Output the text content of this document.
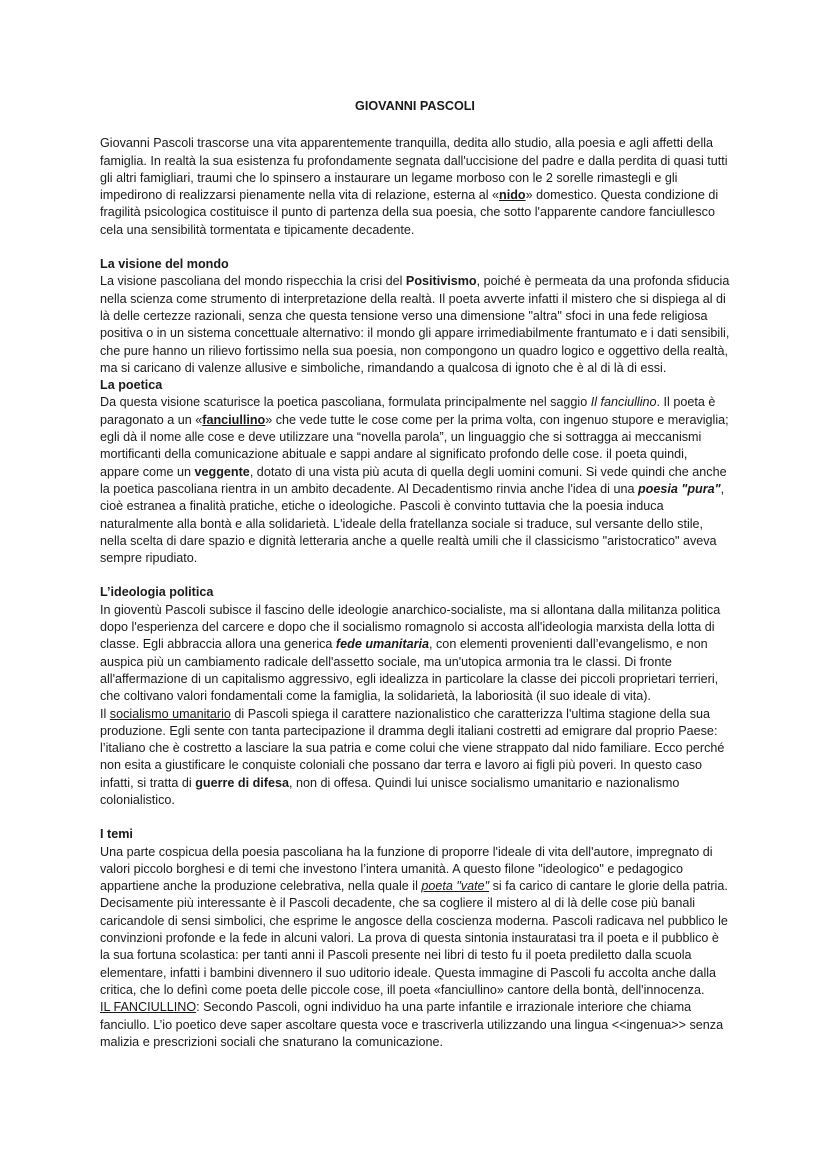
GIOVANNI PASCOLI

Giovanni Pascoli trascorse una vita apparentemente tranquilla, dedita allo studio, alla poesia e agli affetti della famiglia. In realtà la sua esistenza fu profondamente segnata dall'uccisione del padre e dalla perdita di quasi tutti gli altri famigliari, traumi che lo spinsero a instaurare un legame morboso con le 2 sorelle rimastegli e gli impedirono di realizzarsi pienamente nella vita di relazione, esterna al «nido» domestico. Questa condizione di fragilità psicologica costituisce il punto di partenza della sua poesia, che sotto l'apparente candore fanciullesco cela una sensibilità tormentata e tipicamente decadente.

La visione del mondo

La visione pascoliana del mondo rispecchia la crisi del Positivismo, poiché è permeata da una profonda sfiducia nella scienza come strumento di interpretazione della realtà. Il poeta avverte infatti il mistero che si dispiega al di là delle certezze razionali, senza che questa tensione verso una dimensione "altra" sfoci in una fede religiosa positiva o in un sistema concettuale alternativo: il mondo gli appare irrimediabilmente frantumato e i dati sensibili, che pure hanno un rilievo fortissimo nella sua poesia, non compongono un quadro logico e oggettivo della realtà, ma si caricano di valenze allusive e simboliche, rimandando a qualcosa di ignoto che è al di là di essi.

La poetica

Da questa visione scaturisce la poetica pascoliana, formulata principalmente nel saggio Il fanciullino. Il poeta è paragonato a un «fanciullino» che vede tutte le cose come per la prima volta, con ingenuo stupore e meraviglia; egli dà il nome alle cose e deve utilizzare una “novella parola”, un linguaggio che si sottragga ai meccanismi mortificanti della comunicazione abituale e sappi andare al significato profondo delle cose. il poeta quindi, appare come un veggente, dotato di una vista più acuta di quella degli uomini comuni. Si vede quindi che anche la poetica pascoliana rientra in un ambito decadente. Al Decadentismo rinvia anche l'idea di una poesia "pura", cioè estranea a finalità pratiche, etiche o ideologiche. Pascoli è convinto tuttavia che la poesia induca naturalmente alla bontà e alla solidarietà. L'ideale della fratellanza sociale si traduce, sul versante dello stile, nella scelta di dare spazio e dignità letteraria anche a quelle realtà umili che il classicismo "aristocratico" aveva sempre ripudiato.

L’ideologia politica

In gioventù Pascoli subisce il fascino delle ideologie anarchico-socialiste, ma si allontana dalla militanza politica dopo l'esperienza del carcere e dopo che il socialismo romagnolo si accosta all'ideologia marxista della lotta di classe. Egli abbraccia allora una generica fede umanitaria, con elementi provenienti dall’evangelismo, e non auspica più un cambiamento radicale dell'assetto sociale, ma un'utopica armonia tra le classi. Di fronte all'affermazione di un capitalismo aggressivo, egli idealizza in particolare la classe dei piccoli proprietari terrieri, che coltivano valori fondamentali come la famiglia, la solidarietà, la laboriosità (il suo ideale di vita).

Il socialismo umanitario di Pascoli spiega il carattere nazionalistico che caratterizza l'ultima stagione della sua produzione. Egli sente con tanta partecipazione il dramma degli italiani costretti ad emigrare dal proprio Paese: l’italiano che è costretto a lasciare la sua patria e come colui che viene strappato dal nido familiare. Ecco perché non esita a giustificare le conquiste coloniali che possano dar terra e lavoro ai figli più poveri. In questo caso infatti, si tratta di guerre di difesa, non di offesa. Quindi lui unisce socialismo umanitario e nazionalismo colonialistico.

I temi

Una parte cospicua della poesia pascoliana ha la funzione di proporre l'ideale di vita dell'autore, impregnato di valori piccolo borghesi e di temi che investono l’intera umanità. A questo filone "ideologico" e pedagogico appartiene anche la produzione celebrativa, nella quale il poeta "vate" si fa carico di cantare le glorie della patria. Decisamente più interessante è il Pascoli decadente, che sa cogliere il mistero al di là delle cose più banali caricandole di sensi simbolici, che esprime le angosce della coscienza moderna. Pascoli radicava nel pubblico le convinzioni profonde e la fede in alcuni valori. La prova di questa sintonia instauratasi tra il poeta e il pubblico è la sua fortuna scolastica: per tanti anni il Pascoli presente nei libri di testo fu il poeta prediletto dalla scuola elementare, infatti i bambini divennero il suo uditorio ideale. Questa immagine di Pascoli fu accolta anche dalla critica, che lo definì come poeta delle piccole cose, ill poeta «fanciullino» cantore della bontà, dell'innocenza.

IL FANCIULLINO: Secondo Pascoli, ogni individuo ha una parte infantile e irrazionale interiore che chiama fanciullo. L’io poetico deve saper ascoltare questa voce e trascriverla utilizzando una lingua <<ingenua>> senza malizia e prescrizioni sociali che snaturano la comunicazione.
